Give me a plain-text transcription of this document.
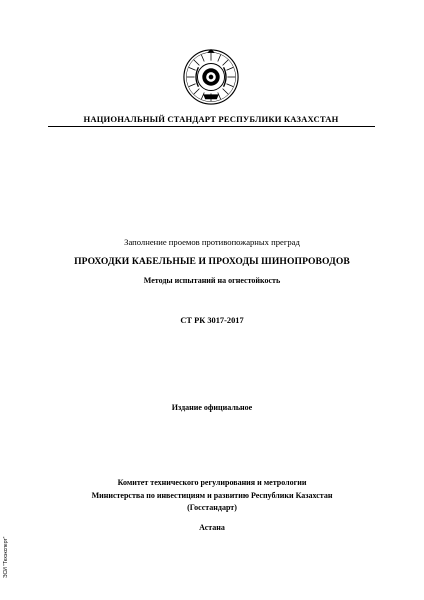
НАЦИОНАЛЬНЫЙ СТАНДАРТ РЕСПУБЛИКИ КАЗАХСТАН
Заполнение проемов противопожарных преград
ПРОХОДКИ КАБЕЛЬНЫЕ И ПРОХОДЫ ШИНОПРОВОДОВ
Методы испытаний на огнестойкость
СТ РК 3017-2017
Издание официальное
Комитет технического регулирования и метрологии
Министерства по инвестициям и развитию Республики Казахстан
(Госстандарт)
Астана
ЭСИ "Техэксперт"
